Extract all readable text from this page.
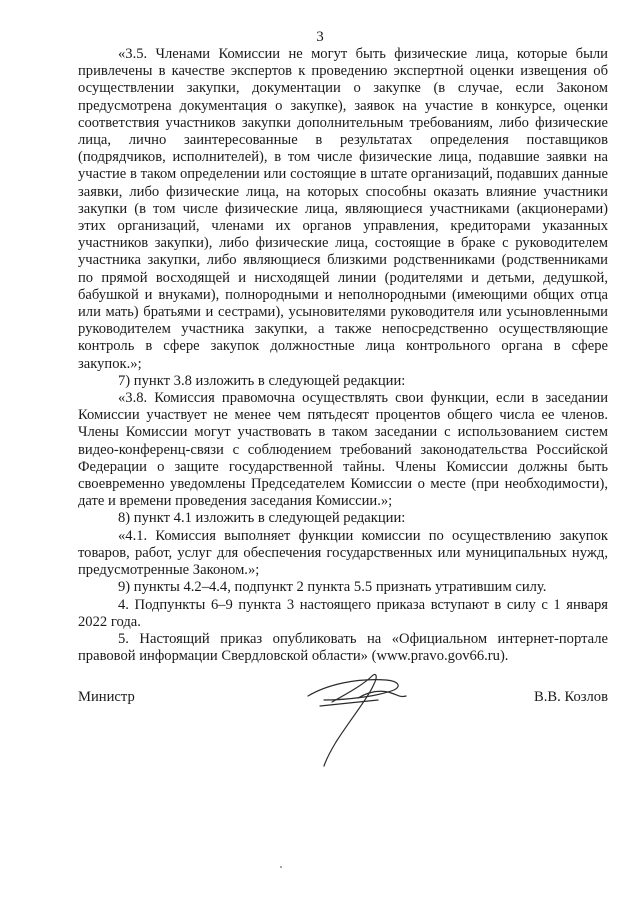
3

«3.5. Членами Комиссии не могут быть физические лица, которые были привлечены в качестве экспертов к проведению экспертной оценки извещения об осуществлении закупки, документации о закупке (в случае, если Законом предусмотрена документация о закупке), заявок на участие в конкурсе, оценки соответствия участников закупки дополнительным требованиям, либо физические лица, лично заинтересованные в результатах определения поставщиков (подрядчиков, исполнителей), в том числе физические лица, подавшие заявки на участие в таком определении или состоящие в штате организаций, подавших данные заявки, либо физические лица, на которых способны оказать влияние участники закупки (в том числе физические лица, являющиеся участниками (акционерами) этих организаций, членами их органов управления, кредиторами указанных участников закупки), либо физические лица, состоящие в браке с руководителем участника закупки, либо являющиеся близкими родственниками (родственниками по прямой восходящей и нисходящей линии (родителями и детьми, дедушкой, бабушкой и внуками), полнородными и неполнородными (имеющими общих отца или мать) братьями и сестрами), усыновителями руководителя или усыновленными руководителем участника закупки, а также непосредственно осуществляющие контроль в сфере закупок должностные лица контрольного органа в сфере закупок.»;

7) пункт 3.8 изложить в следующей редакции:

«3.8. Комиссия правомочна осуществлять свои функции, если в заседании Комиссии участвует не менее чем пятьдесят процентов общего числа ее членов. Члены Комиссии могут участвовать в таком заседании с использованием систем видео-конференц-связи с соблюдением требований законодательства Российской Федерации о защите государственной тайны. Члены Комиссии должны быть своевременно уведомлены Председателем Комиссии о месте (при необходимости), дате и времени проведения заседания Комиссии.»;

8) пункт 4.1 изложить в следующей редакции:

«4.1. Комиссия выполняет функции комиссии по осуществлению закупок товаров, работ, услуг для обеспечения государственных или муниципальных нужд, предусмотренные Законом.»;

9) пункты 4.2–4.4, подпункт 2 пункта 5.5 признать утратившим силу.

4. Подпункты 6–9 пункта 3 настоящего приказа вступают в силу с 1 января 2022 года.

5. Настоящий приказ опубликовать на «Официальном интернет-портале правовой информации Свердловской области» (www.pravo.gov66.ru).

Министр	В.В. Козлов
